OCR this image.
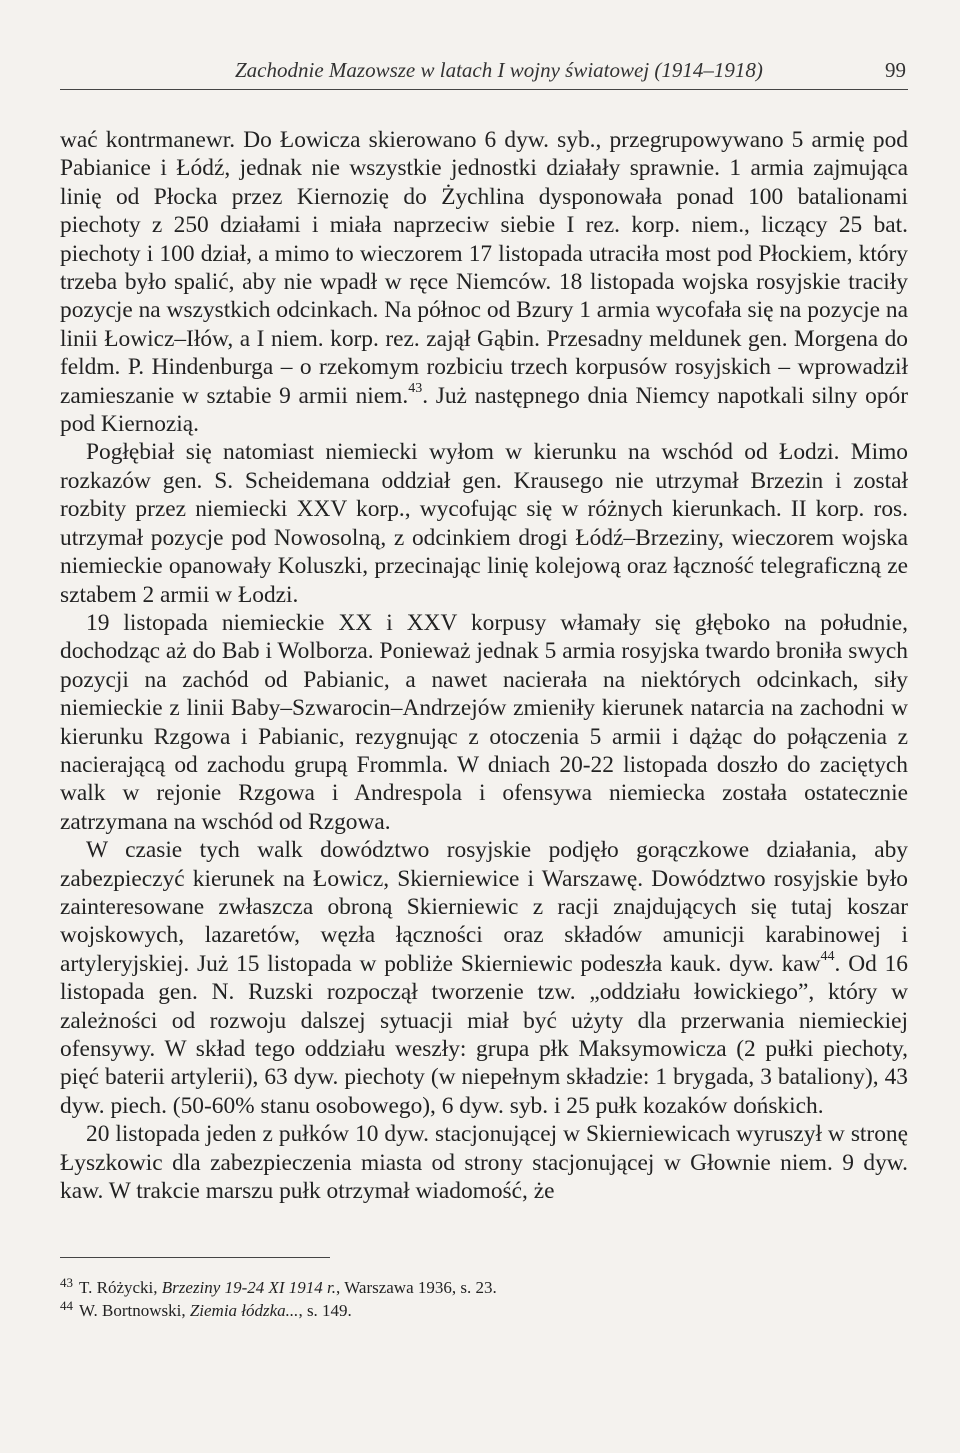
Zachodnie Mazowsze w latach I wojny światowej (1914–1918)	99

wać kontrmanewr. Do Łowicza skierowano 6 dyw. syb., przegrupowywano 5 armię pod Pabianice i Łódź, jednak nie wszystkie jednostki działały sprawnie. 1 armia zajmująca linię od Płocka przez Kiernozię do Żychlina dysponowała ponad 100 batalionami piechoty z 250 działami i miała naprzeciw siebie I rez. korp. niem., liczący 25 bat. piechoty i 100 dział, a mimo to wieczorem 17 listopada utraciła most pod Płockiem, który trzeba było spalić, aby nie wpadł w ręce Niemców. 18 listopada wojska rosyjskie traciły pozycje na wszystkich odcinkach. Na północ od Bzury 1 armia wycofała się na pozycje na linii Łowicz–Iłów, a I niem. korp. rez. zajął Gąbin. Przesadny meldunek gen. Morgena do feldm. P. Hindenburga – o rzekomym rozbiciu trzech korpusów rosyjskich – wprowadził zamieszanie w sztabie 9 armii niem.$^{43}$. Już następnego dnia Niemcy napotkali silny opór pod Kiernozią.

Pogłębiał się natomiast niemiecki wyłom w kierunku na wschód od Łodzi. Mimo rozkazów gen. S. Scheidemana oddział gen. Krausego nie utrzymał Brzezin i został rozbity przez niemiecki XXV korp., wycofując się w różnych kierunkach. II korp. ros. utrzymał pozycje pod Nowosolną, z odcinkiem drogi Łódź–Brzeziny, wieczorem wojska niemieckie opanowały Koluszki, przecinając linię kolejową oraz łączność telegraficzną ze sztabem 2 armii w Łodzi.

19 listopada niemieckie XX i XXV korpusy włamały się głęboko na południe, dochodząc aż do Bab i Wolborza. Ponieważ jednak 5 armia rosyjska twardo broniła swych pozycji na zachód od Pabianic, a nawet nacierała na niektórych odcinkach, siły niemieckie z linii Baby–Szwarocin–Andrzejów zmieniły kierunek natarcia na zachodni w kierunku Rzgowa i Pabianic, rezygnując z otoczenia 5 armii i dążąc do połączenia z nacierającą od zachodu grupą Frommla. W dniach 20-22 listopada doszło do zaciętych walk w rejonie Rzgowa i Andrespola i ofensywa niemiecka została ostatecznie zatrzymana na wschód od Rzgowa.

W czasie tych walk dowództwo rosyjskie podjęło gorączkowe działania, aby zabezpieczyć kierunek na Łowicz, Skierniewice i Warszawę. Dowództwo rosyjskie było zainteresowane zwłaszcza obroną Skierniewic z racji znajdujących się tutaj koszar wojskowych, lazaretów, węzła łączności oraz składów amunicji karabinowej i artyleryjskiej. Już 15 listopada w pobliże Skierniewic podeszła kauk. dyw. kaw$^{44}$. Od 16 listopada gen. N. Ruzski rozpoczął tworzenie tzw. „oddziału łowickiego”, który w zależności od rozwoju dalszej sytuacji miał być użyty dla przerwania niemieckiej ofensywy. W skład tego oddziału weszły: grupa płk Maksymowicza (2 pułki piechoty, pięć baterii artylerii), 63 dyw. piechoty (w niepełnym składzie: 1 brygada, 3 bataliony), 43 dyw. piech. (50-60% stanu osobowego), 6 dyw. syb. i 25 pułk kozaków dońskich.

20 listopada jeden z pułków 10 dyw. stacjonującej w Skierniewicach wyruszył w stronę Łyszkowic dla zabezpieczenia miasta od strony stacjonującej w Głownie niem. 9 dyw. kaw. W trakcie marszu pułk otrzymał wiadomość, że

$^{43}$ T. Różycki, Brzeziny 19-24 XI 1914 r., Warszawa 1936, s. 23.
$^{44}$ W. Bortnowski, Ziemia łódzka..., s. 149.
